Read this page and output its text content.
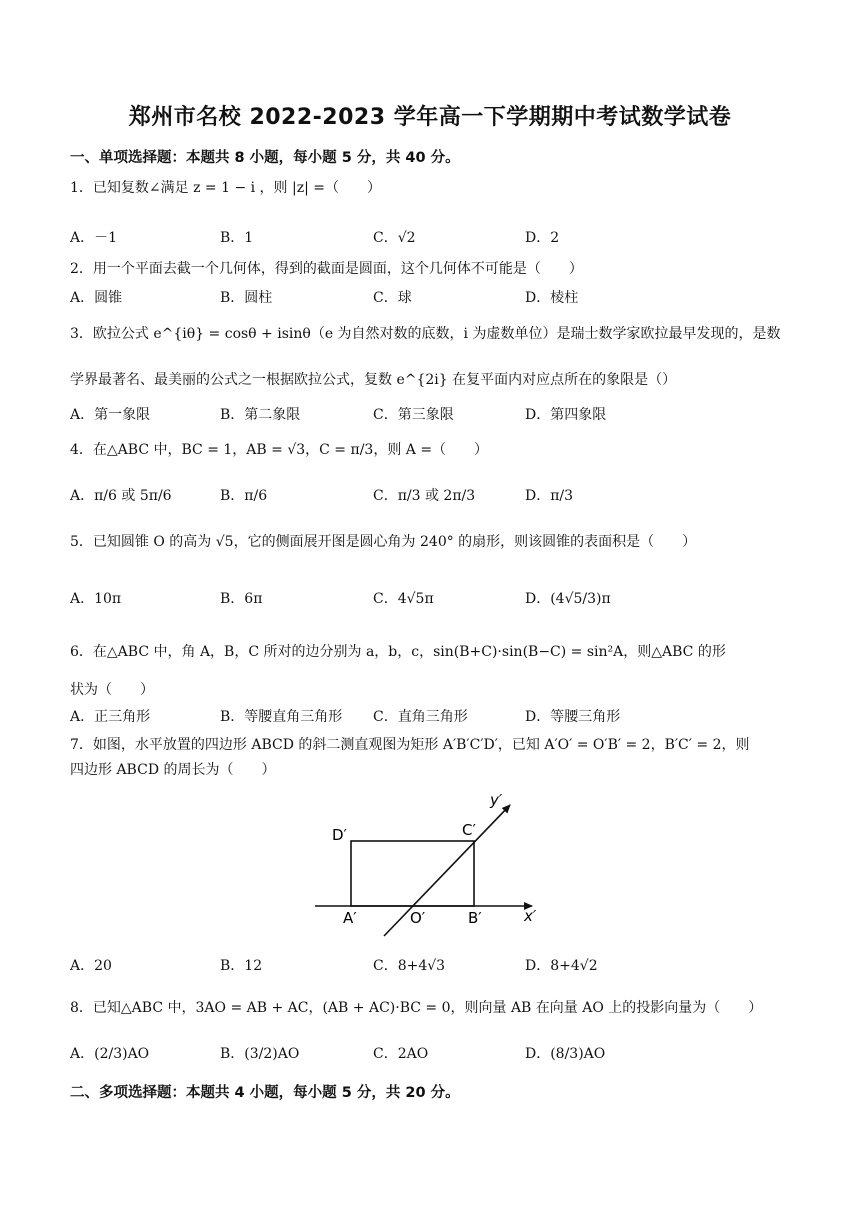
郑州市名校 2022-2023 学年高一下学期期中考试数学试卷
一、单项选择题：本题共 8 小题，每小题 5 分，共 40 分。
1．已知复数∠满足 z = 1 − i ，则 |z| =（　　）
A．－1	B．1	C．√2	D．2
2．用一个平面去截一个几何体，得到的截面是圆面，这个几何体不可能是（　　）
A．圆锥	B．圆柱	C．球	D．棱柱
3．欧拉公式 e^{iθ} = cosθ + isinθ（e 为自然对数的底数，i 为虚数单位）是瑞士数学家欧拉最早发现的，是数
学界最著名、最美丽的公式之一根据欧拉公式，复数 e^{2i} 在复平面内对应点所在的象限是（）
A．第一象限	B．第二象限	C．第三象限	D．第四象限
4．在△ABC 中，BC = 1，AB = √3，C = π/3，则 A =（　　）
A．π/6 或 5π/6	B．π/6	C．π/3 或 2π/3	D．π/3
5．已知圆锥 O 的高为 √5，它的侧面展开图是圆心角为 240° 的扇形，则该圆锥的表面积是（　　）
A．10π	B．6π	C．4√5π	D．(4√5/3)π
6．在△ABC 中，角 A，B，C 所对的边分别为 a，b，c，sin(B+C)·sin(B−C) = sin²A，则△ABC 的形
状为（　　）
A．正三角形	B．等腰直角三角形 C．直角三角形	D．等腰三角形
7．如图，水平放置的四边形 ABCD 的斜二测直观图为矩形 A′B′C′D′，已知 A′O′ = O′B′ = 2，B′C′ = 2，则
四边形 ABCD 的周长为（　　）
y′
x′
D′	C′
A′	O′	B′
A．20	B．12	C．8+4√3	D．8+4√2
8．已知△ABC 中，3AO = AB + AC，(AB + AC)·BC = 0，则向量 AB 在向量 AO 上的投影向量为（　　）
A．(2/3)AO	B．(3/2)AO	C．2AO	D．(8/3)AO
二、多项选择题：本题共 4 小题，每小题 5 分，共 20 分。
